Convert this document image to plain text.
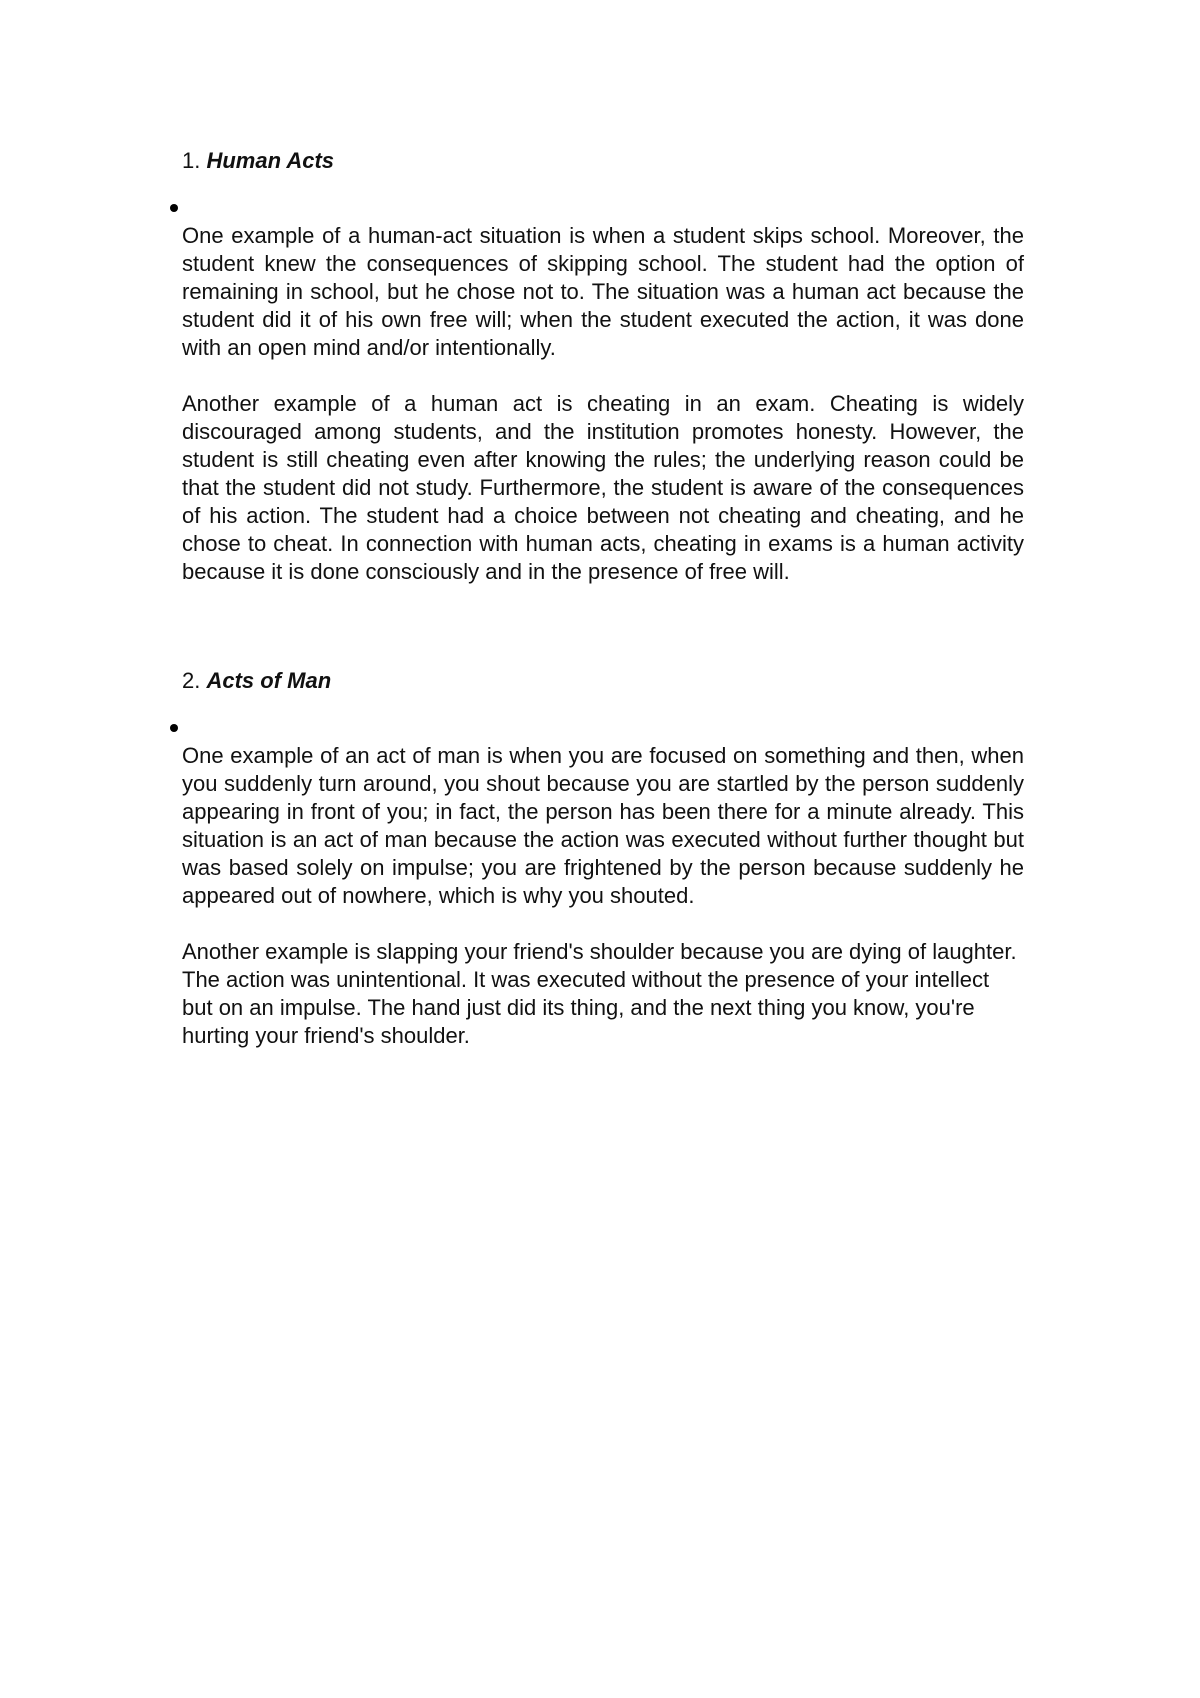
1. Human Acts

One example of a human-act situation is when a student skips school. Moreover, the student knew the consequences of skipping school. The student had the option of remaining in school, but he chose not to. The situation was a human act because the student did it of his own free will; when the student executed the action, it was done with an open mind and/or intentionally.

Another example of a human act is cheating in an exam. Cheating is widely discouraged among students, and the institution promotes honesty. However, the student is still cheating even after knowing the rules; the underlying reason could be that the student did not study. Furthermore, the student is aware of the consequences of his action. The student had a choice between not cheating and cheating, and he chose to cheat. In connection with human acts, cheating in exams is a human activity because it is done consciously and in the presence of free will.

2. Acts of Man

One example of an act of man is when you are focused on something and then, when you suddenly turn around, you shout because you are startled by the person suddenly appearing in front of you; in fact, the person has been there for a minute already. This situation is an act of man because the action was executed without further thought but was based solely on impulse; you are frightened by the person because suddenly he appeared out of nowhere, which is why you shouted.

Another example is slapping your friend's shoulder because you are dying of laughter. The action was unintentional. It was executed without the presence of your intellect but on an impulse. The hand just did its thing, and the next thing you know, you're hurting your friend's shoulder.
